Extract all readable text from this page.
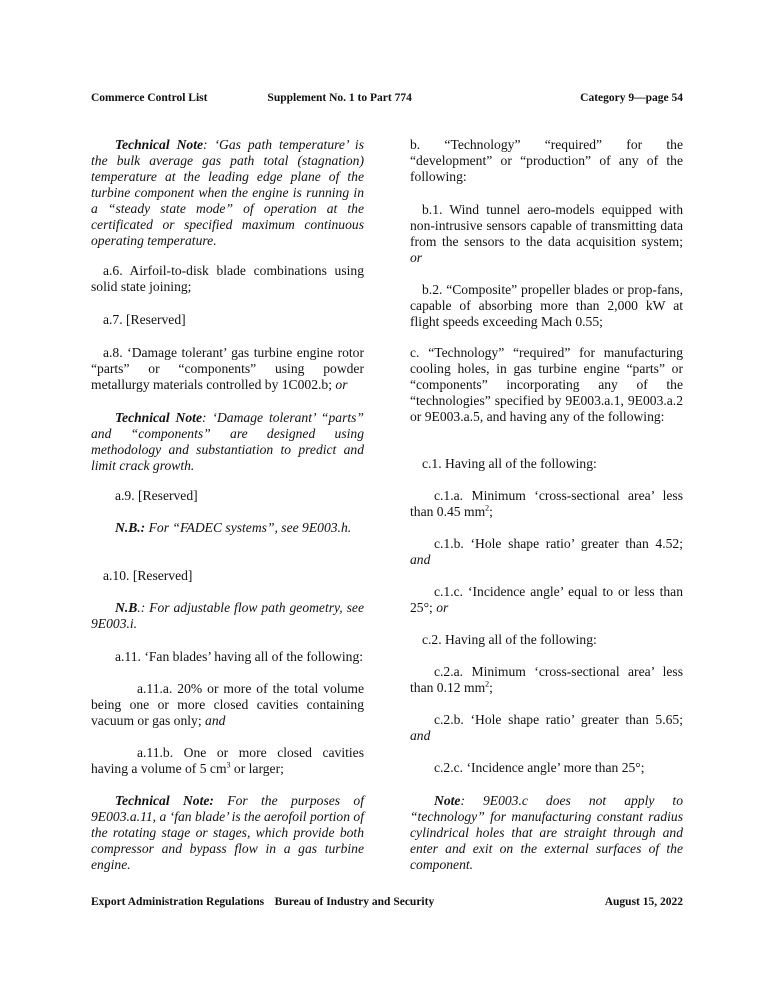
Commerce Control List	Supplement No. 1 to Part 774	Category 9—page 54
Technical Note: ‘Gas path temperature’ is the bulk average gas path total (stagnation) temperature at the leading edge plane of the turbine component when the engine is running in a “steady state mode” of operation at the certificated or specified maximum continuous operating temperature.
a.6. Airfoil-to-disk blade combinations using solid state joining;
a.7. [Reserved]
a.8. ‘Damage tolerant’ gas turbine engine rotor “parts” or “components” using powder metallurgy materials controlled by 1C002.b; or
Technical Note: ‘Damage tolerant’ “parts” and “components” are designed using methodology and substantiation to predict and limit crack growth.
a.9. [Reserved]
N.B.: For “FADEC systems”, see 9E003.h.
a.10. [Reserved]
N.B.: For adjustable flow path geometry, see 9E003.i.
a.11. ‘Fan blades’ having all of the following:
a.11.a. 20% or more of the total volume being one or more closed cavities containing vacuum or gas only; and
a.11.b. One or more closed cavities having a volume of 5 $cm^3$ or larger;
Technical Note: For the purposes of 9E003.a.11, a ‘fan blade’ is the aerofoil portion of the rotating stage or stages, which provide both compressor and bypass flow in a gas turbine engine.
b. “Technology” “required” for the “development” or “production” of any of the following:
b.1. Wind tunnel aero-models equipped with non-intrusive sensors capable of transmitting data from the sensors to the data acquisition system; or
b.2. “Composite” propeller blades or prop-fans, capable of absorbing more than 2,000 kW at flight speeds exceeding Mach 0.55;
c. “Technology” “required” for manufacturing cooling holes, in gas turbine engine “parts” or “components” incorporating any of the “technologies” specified by 9E003.a.1, 9E003.a.2 or 9E003.a.5, and having any of the following:
c.1. Having all of the following:
c.1.a. Minimum ‘cross-sectional area’ less than 0.45 $mm^2$;
c.1.b. ‘Hole shape ratio’ greater than 4.52; and
c.1.c. ‘Incidence angle’ equal to or less than 25°; or
c.2. Having all of the following:
c.2.a. Minimum ‘cross-sectional area’ less than 0.12 $mm^2$;
c.2.b. ‘Hole shape ratio’ greater than 5.65; and
c.2.c. ‘Incidence angle’ more than 25°;
Note: 9E003.c does not apply to “technology” for manufacturing constant radius cylindrical holes that are straight through and enter and exit on the external surfaces of the component.
Export Administration Regulations Bureau of Industry and Security	August 15, 2022
